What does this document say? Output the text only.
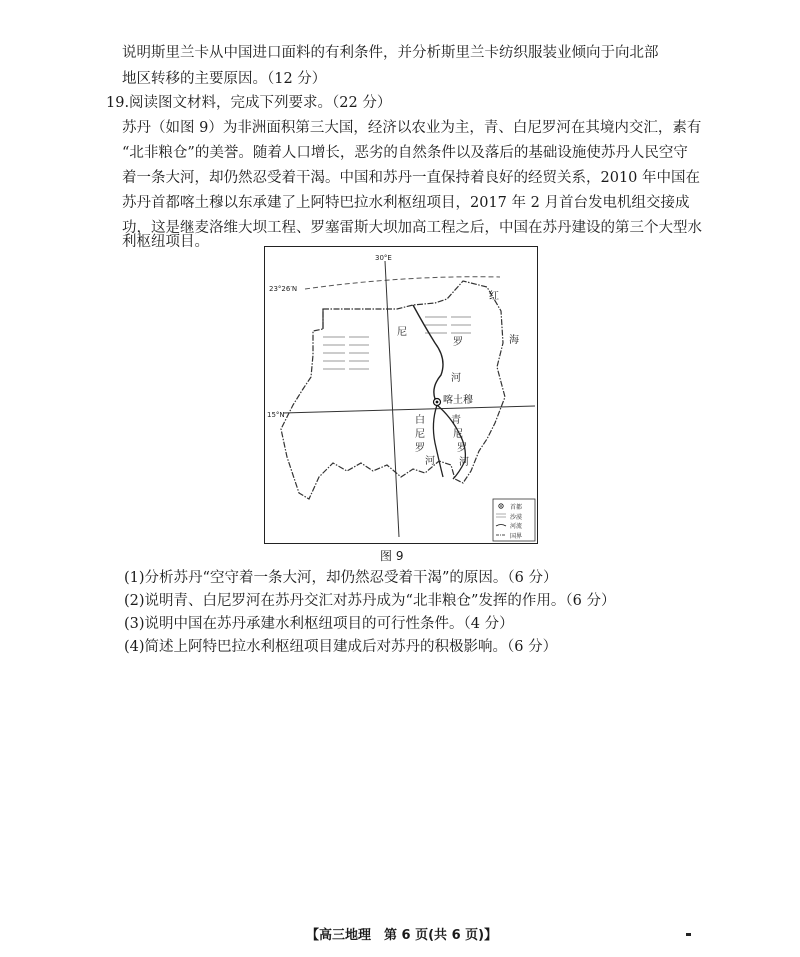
说明斯里兰卡从中国进口面料的有利条件，并分析斯里兰卡纺织服装业倾向于向北部
地区转移的主要原因。（12 分）
19.阅读图文材料，完成下列要求。（22 分）
苏丹（如图 9）为非洲面积第三大国，经济以农业为主，青、白尼罗河在其境内交汇，素有
“北非粮仓”的美誉。随着人口增长，恶劣的自然条件以及落后的基础设施使苏丹人民空守
着一条大河，却仍然忍受着干渴。中国和苏丹一直保持着良好的经贸关系，2010 年中国在
苏丹首都喀土穆以东承建了上阿特巴拉水利枢纽项目，2017 年 2 月首台发电机组交接成
功，这是继麦洛维大坝工程、罗塞雷斯大坝加高工程之后，中国在苏丹建设的第三个大型水
利枢纽项目。
30°E
23°26′N
15°N
喀土穆
红
海
尼
罗
河
白
尼
罗
河
青
尼
罗
河
首都
沙漠
河流
国界
图 9
(1)分析苏丹“空守着一条大河，却仍然忍受着干渴”的原因。（6 分）
(2)说明青、白尼罗河在苏丹交汇对苏丹成为“北非粮仓”发挥的作用。（6 分）
(3)说明中国在苏丹承建水利枢纽项目的可行性条件。（4 分）
(4)简述上阿特巴拉水利枢纽项目建成后对苏丹的积极影响。（6 分）
【高三地理　第 6 页(共 6 页)】
